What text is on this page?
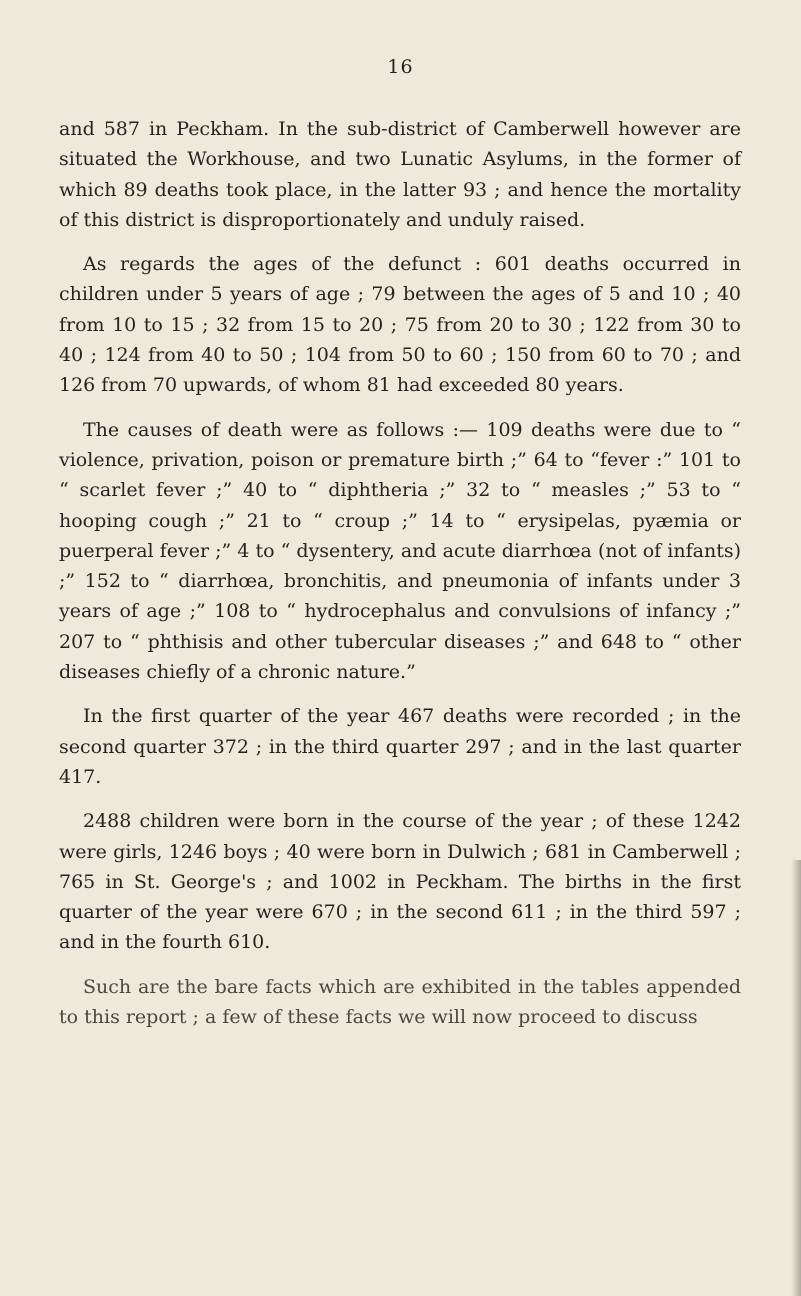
16

and 587 in Peckham. In the sub-district of Camberwell however are situated the Workhouse, and two Lunatic Asylums, in the former of which 89 deaths took place, in the latter 93 ; and hence the mortality of this district is disproportionately and unduly raised.

As regards the ages of the defunct : 601 deaths occurred in children under 5 years of age ; 79 between the ages of 5 and 10 ; 40 from 10 to 15 ; 32 from 15 to 20 ; 75 from 20 to 30 ; 122 from 30 to 40 ; 124 from 40 to 50 ; 104 from 50 to 60 ; 150 from 60 to 70 ; and 126 from 70 upwards, of whom 81 had exceeded 80 years.

The causes of death were as follows :— 109 deaths were due to “ violence, privation, poison or premature birth ;” 64 to “fever :” 101 to “ scarlet fever ;” 40 to “ diphtheria ;” 32 to “ measles ;” 53 to “ hooping cough ;” 21 to “ croup ;” 14 to “ erysipelas, pyæmia or puerperal fever ;” 4 to “ dysentery, and acute diarrhœa (not of infants) ;” 152 to “ diarrhœa, bronchitis, and pneumonia of infants under 3 years of age ;” 108 to “ hydrocephalus and convulsions of infancy ;” 207 to “ phthisis and other tubercular diseases ;” and 648 to “ other diseases chiefly of a chronic nature.”

In the first quarter of the year 467 deaths were recorded ; in the second quarter 372 ; in the third quarter 297 ; and in the last quarter 417.

2488 children were born in the course of the year ; of these 1242 were girls, 1246 boys ; 40 were born in Dulwich ; 681 in Camberwell ; 765 in St. George's ; and 1002 in Peckham. The births in the first quarter of the year were 670 ; in the second 611 ; in the third 597 ; and in the fourth 610.

Such are the bare facts which are exhibited in the tables appended to this report ; a few of these facts we will now proceed to discuss
